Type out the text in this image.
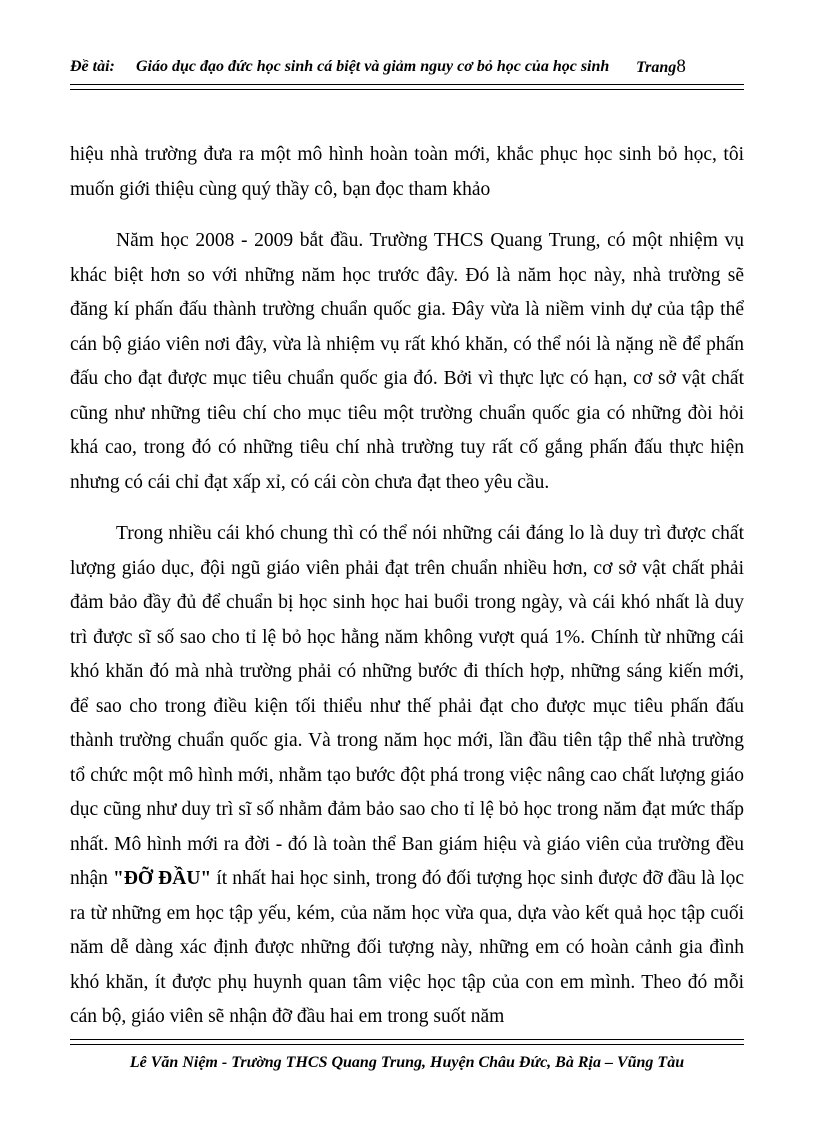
Đề tài: Giáo dục đạo đức học sinh cá biệt và giảm nguy cơ bỏ học của học sinh Trang8

hiệu nhà trường đưa ra một mô hình hoàn toàn mới, khắc phục học sinh bỏ học, tôi muốn giới thiệu cùng quý thầy cô, bạn đọc tham khảo

Năm học 2008 - 2009 bắt đầu. Trường THCS Quang Trung, có một nhiệm vụ khác biệt hơn so với những năm học trước đây. Đó là năm học này, nhà trường sẽ đăng kí phấn đấu thành trường chuẩn quốc gia. Đây vừa là niềm vinh dự của tập thể cán bộ giáo viên nơi đây, vừa là nhiệm vụ rất khó khăn, có thể nói là nặng nề để phấn đấu cho đạt được mục tiêu chuẩn quốc gia đó. Bởi vì thực lực có hạn, cơ sở vật chất cũng như những tiêu chí cho mục tiêu một trường chuẩn quốc gia có những đòi hỏi khá cao, trong đó có những tiêu chí nhà trường tuy rất cố gắng phấn đấu thực hiện nhưng có cái chỉ đạt xấp xỉ, có cái còn chưa đạt theo yêu cầu.

Trong nhiều cái khó chung thì có thể nói những cái đáng lo là duy trì được chất lượng giáo dục, đội ngũ giáo viên phải đạt trên chuẩn nhiều hơn, cơ sở vật chất phải đảm bảo đầy đủ để chuẩn bị học sinh học hai buổi trong ngày, và cái khó nhất là duy trì được sĩ số sao cho tỉ lệ bỏ học hằng năm không vượt quá 1%. Chính từ những cái khó khăn đó mà nhà trường phải có những bước đi thích hợp, những sáng kiến mới, để sao cho trong điều kiện tối thiểu như thế phải đạt cho được mục tiêu phấn đấu thành trường chuẩn quốc gia. Và trong năm học mới, lần đầu tiên tập thể nhà trường tổ chức một mô hình mới, nhằm tạo bước đột phá trong việc nâng cao chất lượng giáo dục cũng như duy trì sĩ số nhằm đảm bảo sao cho tỉ lệ bỏ học trong năm đạt mức thấp nhất. Mô hình mới ra đời - đó là toàn thể Ban giám hiệu và giáo viên của trường đều nhận "ĐỠ ĐẦU" ít nhất hai học sinh, trong đó đối tượng học sinh được đỡ đầu là lọc ra từ những em học tập yếu, kém, của năm học vừa qua, dựa vào kết quả học tập cuối năm dễ dàng xác định được những đối tượng này, những em có hoàn cảnh gia đình khó khăn, ít được phụ huynh quan tâm việc học tập của con em mình. Theo đó mỗi cán bộ, giáo viên sẽ nhận đỡ đầu hai em trong suốt năm

Lê Văn Niệm - Trường THCS Quang Trung, Huyện Châu Đức, Bà Rịa – Vũng Tàu
